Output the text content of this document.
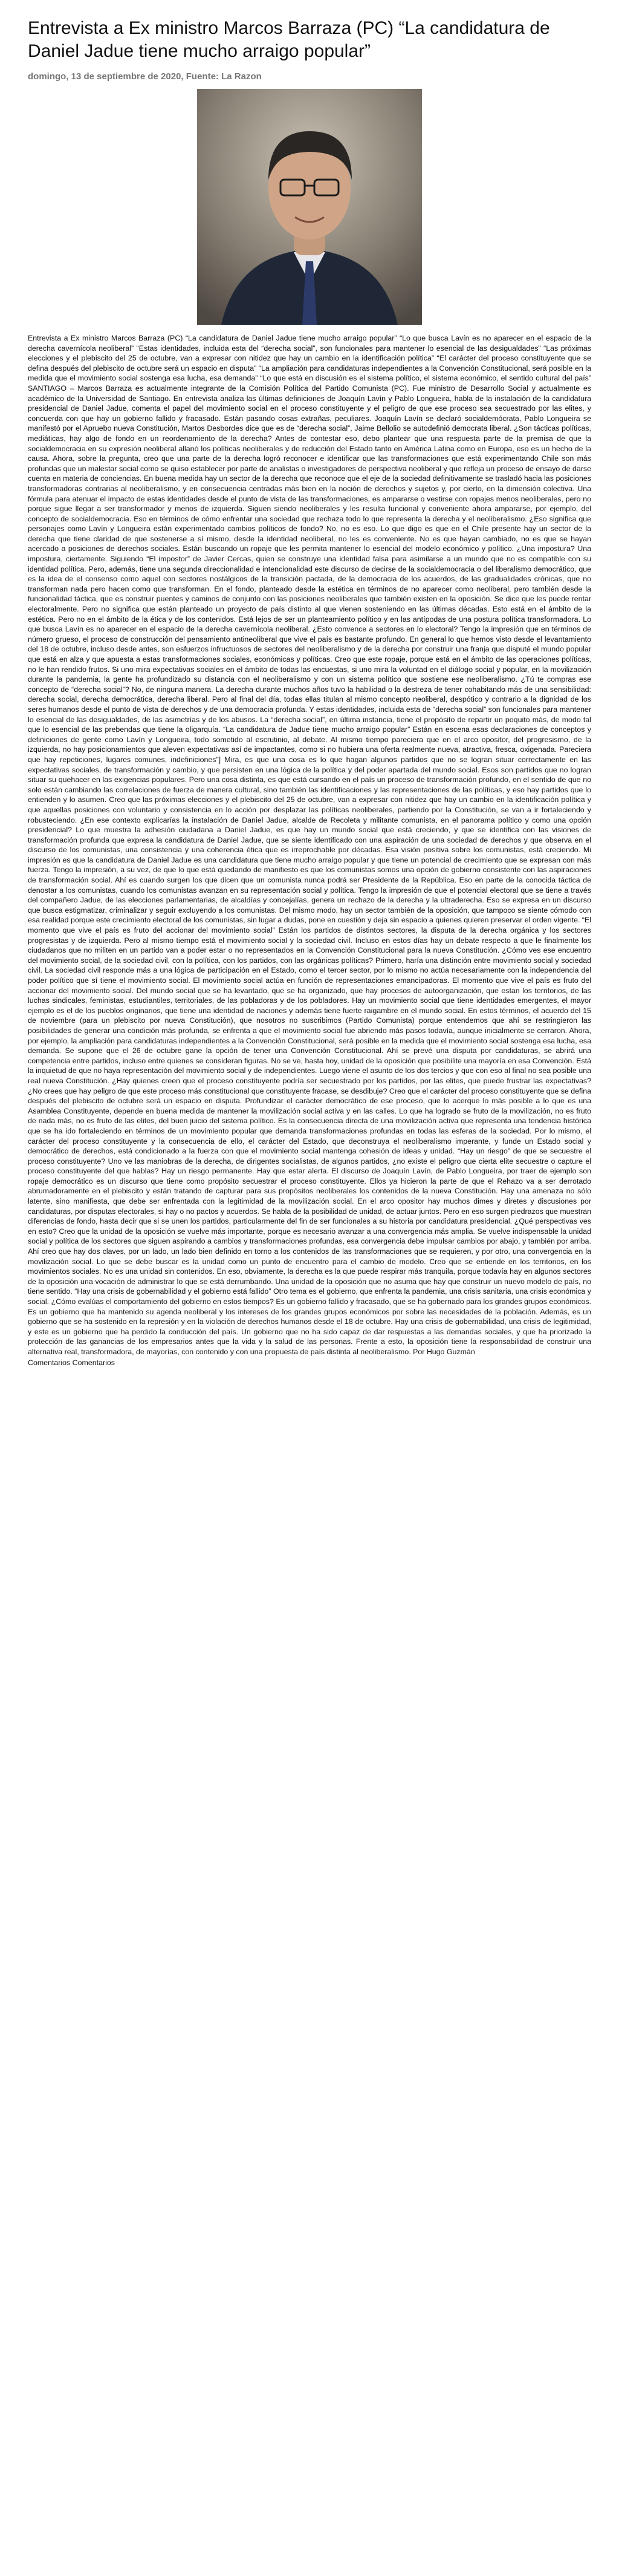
Entrevista a Ex ministro Marcos Barraza (PC) “La candidatura de Daniel Jadue tiene mucho arraigo popular”
domingo, 13 de septiembre de 2020, Fuente: La Razon

Entrevista a Ex ministro Marcos Barraza (PC) “La candidatura de Daniel Jadue tiene mucho arraigo popular” “Lo que busca Lavín es no aparecer en el espacio de la derecha cavernícola neoliberal” “Estas identidades, incluida esta del “derecha social”, son funcionales para mantener lo esencial de las desigualdades” “Las próximas elecciones y el plebiscito del 25 de octubre, van a expresar con nitidez que hay un cambio en la identificación política” “El carácter del proceso constituyente que se defina después del plebiscito de octubre será un espacio en disputa” “La ampliación para candidaturas independientes a la Convención Constitucional, será posible en la medida que el movimiento social sostenga esa lucha, esa demanda” “Lo que está en discusión es el sistema político, el sistema económico, el sentido cultural del país” SANTIAGO – Marcos Barraza es actualmente integrante de la Comisión Política del Partido Comunista (PC). Fue ministro de Desarrollo Social y actualmente es académico de la Universidad de Santiago. En entrevista analiza las últimas definiciones de Joaquín Lavín y Pablo Longueira, habla de la instalación de la candidatura presidencial de Daniel Jadue, comenta el papel del movimiento social en el proceso constituyente y el peligro de que ese proceso sea secuestrado por las elites, y concuerda con que hay un gobierno fallido y fracasado. Están pasando cosas extrañas, peculiares. Joaquín Lavín se declaró socialdemócrata, Pablo Longueira se manifestó por el Apruebo nueva Constitución, Martos Desbordes dice que es de “derecha social”, Jaime Bellolio se autodefinió democrata liberal. ¿Son tácticas políticas, mediáticas, hay algo de fondo en un reordenamiento de la derecha? Antes de contestar eso, debo plantear que una respuesta parte de la premisa de que la socialdemocracia en su expresión neoliberal allanó los políticas neoliberales y de reducción del Estado tanto en América Latina como en Europa, eso es un hecho de la causa. Ahora, sobre la pregunta, creo que una parte de la derecha logró reconocer e identificar que las transformaciones que está experimentando Chile son más profundas que un malestar social como se quiso establecer por parte de analistas o investigadores de perspectiva neoliberal y que refleja un proceso de ensayo de darse cuenta en materia de conciencias. En buena medida hay un sector de la derecha que reconoce que el eje de la sociedad definitivamente se trasladó hacia las posiciones transformadoras contrarias al neoliberalismo, y en consecuencia centradas más bien en la noción de derechos y sujetos y, por cierto, en la dimensión colectiva. Una fórmula para atenuar el impacto de estas identidades desde el punto de vista de las transformaciones, es ampararse o vestirse con ropajes menos neoliberales, pero no porque sigue llegar a ser transformador y menos de izquierda. Siguen siendo neoliberales y les resulta funcional y conveniente ahora ampararse, por ejemplo, del concepto de socialdemocracia. Eso en términos de cómo enfrentar una sociedad que rechaza todo lo que representa la derecha y el neoliberalismo. ¿Eso significa que personajes como Lavín y Longueira están experimentado cambios políticos de fondo? No, no es eso. Lo que digo es que en el Chile presente hay un sector de la derecha que tiene claridad de que sostenerse a sí mismo, desde la identidad neoliberal, no les es conveniente. No es que hayan cambiado, no es que se hayan acercado a posiciones de derechos sociales. Están buscando un ropaje que les permita mantener lo esencial del modelo económico y político. ¿Una impostura? Una impostura, ciertamente. Siguiendo “El impostor” de Javier Cercas, quien se construye una identidad falsa para asimilarse a un mundo que no es compatible con su identidad política. Pero, además, tiene una segunda direccionalidad e intencionalidad este discurso de decirse de la socialdemocracia o del liberalismo democrático, que es la idea de el consenso como aquel con sectores nostálgicos de la transición pactada, de la democracia de los acuerdos, de las gradualidades crónicas, que no transforman nada pero hacen como que transforman. En el fondo, planteado desde la estética en términos de no aparecer como neoliberal, pero también desde la funcionalidad táctica, que es construir puentes y caminos de conjunto con las posiciones neoliberales que también existen en la oposición. Se dice que les puede rentar electoralmente. Pero no significa que están planteado un proyecto de país distinto al que vienen sosteniendo en las últimas décadas. Esto está en el ámbito de la estética. Pero no en el ámbito de la ética y de los contenidos. Está lejos de ser un planteamiento político y en las antípodas de una postura política transformadora. Lo que busca Lavín es no aparecer en el espacio de la derecha cavernícola neoliberal. ¿Esto convence a sectores en lo electoral? Tengo la impresión que en términos de número grueso, el proceso de construcción del pensamiento antineoliberal que vive el país es bastante profundo. En general lo que hemos visto desde el levantamiento del 18 de octubre, incluso desde antes, son esfuerzos infructuosos de sectores del neoliberalismo y de la derecha por construir una franja que disputé el mundo popular que está en alza y que apuesta a estas transformaciones sociales, económicas y políticas. Creo que este ropaje, porque está en el ámbito de las operaciones políticas, no le han rendido frutos. Si uno mira expectativas sociales en el ámbito de todas las encuestas, si uno mira la voluntad en el diálogo social y popular, en la movilización durante la pandemia, la gente ha profundizado su distancia con el neoliberalismo y con un sistema político que sostiene ese neoliberalismo. ¿Tú te compras ese concepto de “derecha social”? No, de ninguna manera. La derecha durante muchos años tuvo la habilidad o la destreza de tener cohabitando más de una sensibilidad: derecha social, derecha democrática, derecha liberal. Pero al final del día, todas ellas titulan al mismo concepto neoliberal, despótico y contrario a la dignidad de los seres humanos desde el punto de vista de derechos y de una democracia profunda. Y estas identidades, incluida esta de “derecha social” son funcionales para mantener lo esencial de las desigualdades, de las asimetrías y de los abusos. La “derecha social”, en última instancia, tiene el propósito de repartir un poquito más, de modo tal que lo esencial de las prebendas que tiene la oligarquía. “La candidatura de Jadue tiene mucho arraigo popular” Están en escena esas declaraciones de conceptos y definiciones de gente como Lavín y Longueira, todo sometido al escrutinio, al debate. Al mismo tiempo pareciera que en el arco opositor, del progresismo, de la izquierda, no hay posicionamientos que aleven expectativas así de impactantes, como si no hubiera una oferta realmente nueva, atractiva, fresca, oxigenada. Pareciera que hay repeticiones, lugares comunes, indefiniciones”] Mira, es que una cosa es lo que hagan algunos partidos que no se logran situar correctamente en las expectativas sociales, de transformación y cambio, y que persisten en una lógica de la política y del poder apartada del mundo social. Esos son partidos que no logran situar su quehacer en las exigencias populares. Pero una cosa distinta, es que está cursando en el país un proceso de transformación profundo, en el sentido de que no solo están cambiando las correlaciones de fuerza de manera cultural, sino también las identificaciones y las representaciones de las políticas, y eso hay partidos que lo entienden y lo asumen. Creo que las próximas elecciones y el plebiscito del 25 de octubre, van a expresar con nitidez que hay un cambio en la identificación política y que aquellas posiciones con voluntario y consistencia en lo acción por desplazar las políticas neoliberales, partiendo por la Constitución, se van a ir fortaleciendo y robusteciendo. ¿En ese contexto explicarías la instalación de Daniel Jadue, alcalde de Recoleta y militante comunista, en el panorama político y como una opción presidencial? Lo que muestra la adhesión ciudadana a Daniel Jadue, es que hay un mundo social que está creciendo, y que se identifica con las visiones de transformación profunda que expresa la candidatura de Daniel Jadue, que se siente identificado con una aspiración de una sociedad de derechos y que observa en el discurso de los comunistas, una consistencia y una coherencia ética que es irreprochable por décadas. Esa visión positiva sobre los comunistas, está creciendo. Mi impresión es que la candidatura de Daniel Jadue es una candidatura que tiene mucho arraigo popular y que tiene un potencial de crecimiento que se expresan con más fuerza. Tengo la impresión, a su vez, de que lo que está quedando de manifiesto es que los comunistas somos una opción de gobierno consistente con las aspiraciones de transformación social. Ahí es cuando surgen los que dicen que un comunista nunca podrá ser Presidente de la República. Eso en parte de la conocida táctica de denostar a los comunistas, cuando los comunistas avanzan en su representación social y política. Tengo la impresión de que el potencial electoral que se tiene a través del compañero Jadue, de las elecciones parlamentarias, de alcaldías y concejalías, genera un rechazo de la derecha y la ultraderecha. Eso se expresa en un discurso que busca estigmatizar, criminalizar y seguir excluyendo a los comunistas. Del mismo modo, hay un sector también de la oposición, que tampoco se siente cómodo con esa realidad porque este crecimiento electoral de los comunistas, sin lugar a dudas, pone en cuestión y deja sin espacio a quienes quieren preservar el orden vigente. “El momento que vive el país es fruto del accionar del movimiento social” Están los partidos de distintos sectores, la disputa de la derecha orgánica y los sectores progresistas y de izquierda. Pero al mismo tiempo está el movimiento social y la sociedad civil. Incluso en estos días hay un debate respecto a que le finalmente los ciudadanos que no militen en un partido van a poder estar o no representados en la Convención Constitucional para la nueva Constitución. ¿Cómo ves ese encuentro del movimiento social, de la sociedad civil, con la política, con los partidos, con las orgánicas políticas? Primero, haría una distinción entre movimiento social y sociedad civil. La sociedad civil responde más a una lógica de participación en el Estado, como el tercer sector, por lo mismo no actúa necesariamente con la independencia del poder político que sí tiene el movimiento social. El movimiento social actúa en función de representaciones emancipadoras. El momento que vive el país es fruto del accionar del movimiento social. Del mundo social que se ha levantado, que se ha organizado, que hay procesos de autoorganización, que estan los territorios, de las luchas sindicales, feministas, estudiantiles, territoriales, de las pobladoras y de los pobladores. Hay un movimiento social que tiene identidades emergentes, el mayor ejemplo es el de los pueblos originarios, que tiene una identidad de naciones y además tiene fuerte raigambre en el mundo social. En estos términos, el acuerdo del 15 de noviembre (para un plebiscito por nueva Constitución), que nosotros no suscribimos (Partido Comunista) porque entendemos que ahí se restringieron las posibilidades de generar una condición más profunda, se enfrenta a que el movimiento social fue abriendo más pasos todavía, aunque inicialmente se cerraron. Ahora, por ejemplo, la ampliación para candidaturas independientes a la Convención Constitucional, será posible en la medida que el movimiento social sostenga esa lucha, esa demanda. Se supone que el 26 de octubre gane la opción de tener una Convención Constitucional. Ahí se prevé una disputa por candidaturas, se abrirá una competencia entre partidos, incluso entre quienes se consideran figuras. No se ve, hasta hoy, unidad de la oposición que posibilite una mayoría en esa Convención. Está la inquietud de que no haya representación del movimiento social y de independientes. Luego viene el asunto de los dos tercios y que con eso al final no sea posible una real nueva Constitución. ¿Hay quienes creen que el proceso constituyente podría ser secuestrado por los partidos, por las elites, que puede frustrar las expectativas? ¿No crees que hay peligro de que este proceso más constitucional que constituyente fracase, se desdibuje? Creo que el carácter del proceso constituyente que se defina después del plebiscito de octubre será un espacio en disputa. Profundizar el carácter democrático de ese proceso, que lo acerque lo más posible a lo que es una Asamblea Constituyente, depende en buena medida de mantener la movilización social activa y en las calles. Lo que ha logrado se fruto de la movilización, no es fruto de nada más, no es fruto de las elites, del buen juicio del sistema político. Es la consecuencia directa de una movilización activa que representa una tendencia histórica que se ha ido fortaleciendo en términos de un movimiento popular que demanda transformaciones profundas en todas las esferas de la sociedad. Por lo mismo, el carácter del proceso constituyente y la consecuencia de ello, el carácter del Estado, que deconstruya el neoliberalismo imperante, y funde un Estado social y democrático de derechos, está condicionado a la fuerza con que el movimiento social mantenga cohesión de ideas y unidad. “Hay un riesgo” de que se secuestre el proceso constituyente? Uno ve las maniobras de la derecha, de dirigentes socialistas, de algunos partidos, ¿no existe el peligro que cierta elite secuestre o capture el proceso constituyente del que hablas? Hay un riesgo permanente. Hay que estar alerta. El discurso de Joaquín Lavín, de Pablo Longueira, por traer de ejemplo son ropaje democrático es un discurso que tiene como propósito secuestrar el proceso constituyente. Ellos ya hicieron la parte de que el Rehazo va a ser derrotado abrumadoramente en el plebiscito y están tratando de capturar para sus propósitos neoliberales los contenidos de la nueva Constitución. Hay una amenaza no sólo latente, sino manifiesta, que debe ser enfrentada con la legitimidad de la movilización social. En el arco opositor hay muchos dimes y diretes y discusiones por candidaturas, por disputas electorales, si hay o no pactos y acuerdos. Se habla de la posibilidad de unidad, de actuar juntos. Pero en eso surgen piedrazos que muestran diferencias de fondo, hasta decir que si se unen los partidos, particularmente del fin de ser funcionales a su historia por candidatura presidencial. ¿Qué perspectivas ves en esto? Creo que la unidad de la oposición se vuelve más importante, porque es necesario avanzar a una convergencia más amplia. Se vuelve indispensable la unidad social y política de los sectores que siguen aspirando a cambios y transformaciones profundas, esa convergencia debe impulsar cambios por abajo, y también por arriba. Ahí creo que hay dos claves, por un lado, un lado bien definido en torno a los contenidos de las transformaciones que se requieren, y por otro, una convergencia en la movilización social. Lo que se debe buscar es la unidad como un punto de encuentro para el cambio de modelo. Creo que se entiende en los territorios, en los movimientos sociales. No es una unidad sin contenidos. En eso, obviamente, la derecha es la que puede respirar más tranquila, porque todavía hay en algunos sectores de la oposición una vocación de administrar lo que se está derrumbando. Una unidad de la oposición que no asuma que hay que construir un nuevo modelo de país, no tiene sentido. “Hay una crisis de gobernabilidad y el gobierno está fallido” Otro tema es el gobierno, que enfrenta la pandemia, una crisis sanitaria, una crisis económica y social. ¿Cómo evalúas el comportamiento del gobierno en estos tiempos? Es un gobierno fallido y fracasado, que se ha gobernado para los grandes grupos económicos. Es un gobierno que ha mantenido su agenda neoliberal y los intereses de los grandes grupos económicos por sobre las necesidades de la población. Además, es un gobierno que se ha sostenido en la represión y en la violación de derechos humanos desde el 18 de octubre. Hay una crisis de gobernabilidad, una crisis de legitimidad, y este es un gobierno que ha perdido la conducción del país. Un gobierno que no ha sido capaz de dar respuestas a las demandas sociales, y que ha priorizado la protección de las ganancias de los empresarios antes que la vida y la salud de las personas. Frente a esto, la oposición tiene la responsabilidad de construir una alternativa real, transformadora, de mayorías, con contenido y con una propuesta de país distinta al neoliberalismo. Por Hugo Guzmán

Comentarios Comentarios
